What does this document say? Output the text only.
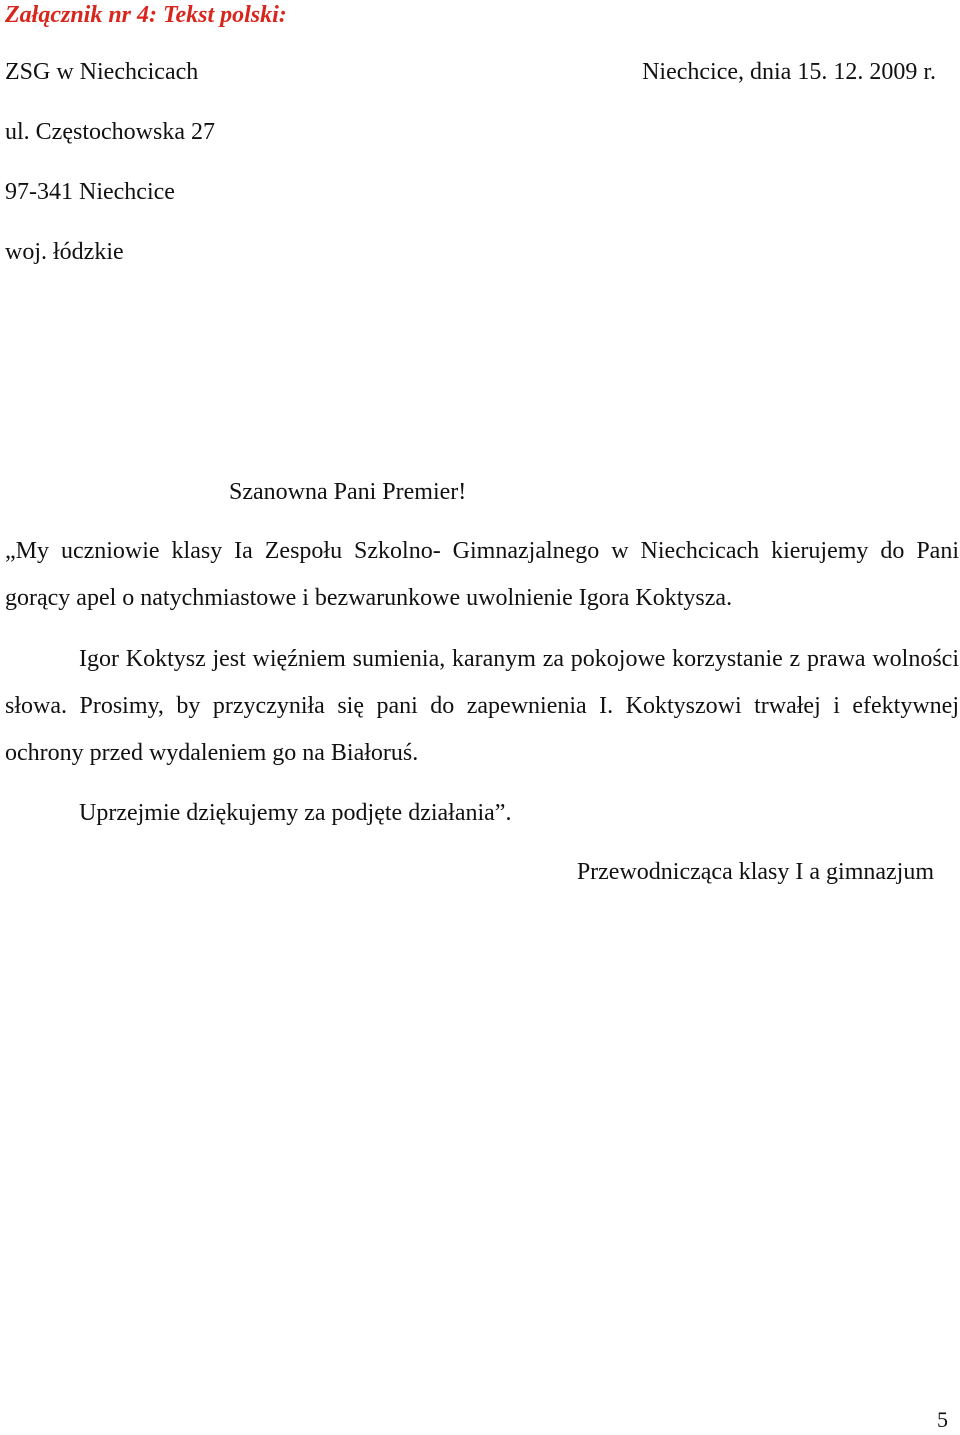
Załącznik nr 4: Tekst polski:
ZSG w Niechcicach	Niechcice, dnia 15. 12. 2009 r.
ul. Częstochowska 27
97-341 Niechcice
woj. łódzkie
Szanowna Pani Premier!
„My uczniowie klasy Ia Zespołu Szkolno- Gimnazjalnego w Niechcicach kierujemy do Pani gorący apel o natychmiastowe i bezwarunkowe uwolnienie Igora Koktysza.
Igor Koktysz jest więźniem sumienia, karanym za pokojowe korzystanie z prawa wolności słowa. Prosimy, by przyczyniła się pani do zapewnienia I. Koktyszowi trwałej i efektywnej ochrony przed wydaleniem go na Białoruś.
Uprzejmie dziękujemy za podjęte działania”.
Przewodnicząca klasy I a gimnazjum
5
